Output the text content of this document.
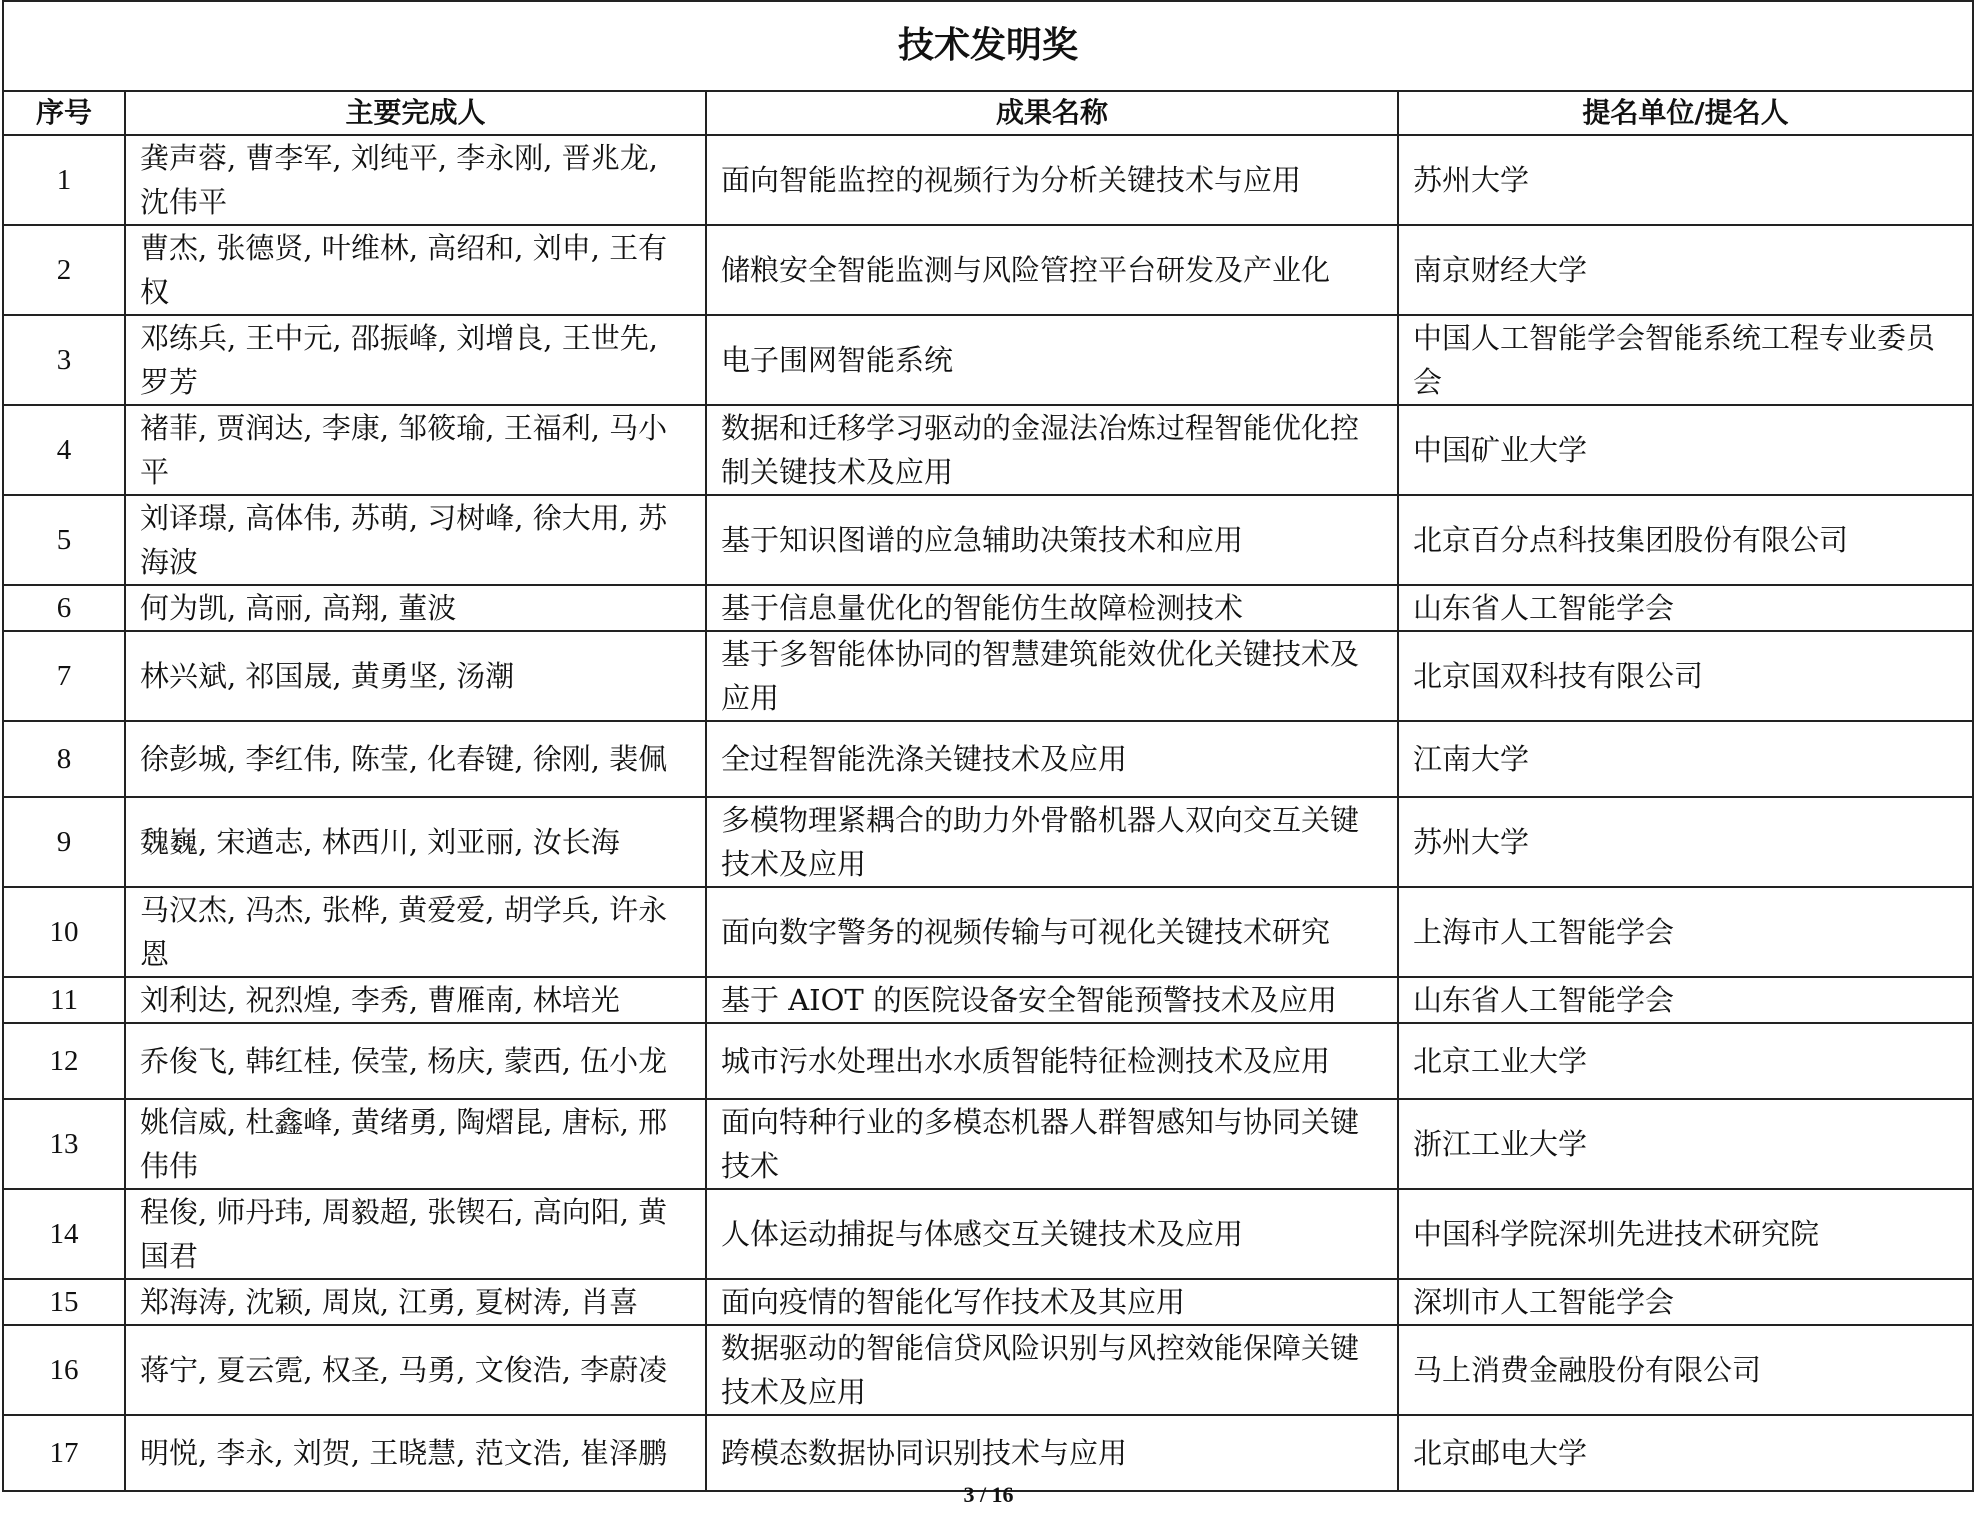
技术发明奖			
序号	主要完成人	成果名称	提名单位/提名人
1	龚声蓉, 曹李军, 刘纯平, 李永刚, 晋兆龙, 沈伟平	面向智能监控的视频行为分析关键技术与应用	苏州大学
2	曹杰, 张德贤, 叶维林, 高绍和, 刘申, 王有权	储粮安全智能监测与风险管控平台研发及产业化	南京财经大学
3	邓练兵, 王中元, 邵振峰, 刘增良, 王世先, 罗芳	电子围网智能系统	中国人工智能学会智能系统工程专业委员会
4	褚菲, 贾润达, 李康, 邹筱瑜, 王福利, 马小平	数据和迁移学习驱动的金湿法冶炼过程智能优化控制关键技术及应用	中国矿业大学
5	刘译璟, 高体伟, 苏萌, 习树峰, 徐大用, 苏海波	基于知识图谱的应急辅助决策技术和应用	北京百分点科技集团股份有限公司
6	何为凯, 高丽, 高翔, 董波	基于信息量优化的智能仿生故障检测技术	山东省人工智能学会
7	林兴斌, 祁国晟, 黄勇坚, 汤潮	基于多智能体协同的智慧建筑能效优化关键技术及应用	北京国双科技有限公司
8	徐彭城, 李红伟, 陈莹, 化春键, 徐刚, 裴佩	全过程智能洗涤关键技术及应用	江南大学
9	魏巍, 宋遒志, 林西川, 刘亚丽, 汝长海	多模物理紧耦合的助力外骨骼机器人双向交互关键技术及应用	苏州大学
10	马汉杰, 冯杰, 张桦, 黄爱爱, 胡学兵, 许永恩	面向数字警务的视频传输与可视化关键技术研究	上海市人工智能学会
11	刘利达, 祝烈煌, 李秀, 曹雁南, 林培光	基于 AIOT 的医院设备安全智能预警技术及应用	山东省人工智能学会
12	乔俊飞, 韩红桂, 侯莹, 杨庆, 蒙西, 伍小龙	城市污水处理出水水质智能特征检测技术及应用	北京工业大学
13	姚信威, 杜鑫峰, 黄绪勇, 陶熠昆, 唐标, 邢伟伟	面向特种行业的多模态机器人群智感知与协同关键技术	浙江工业大学
14	程俊, 师丹玮, 周毅超, 张锲石, 高向阳, 黄国君	人体运动捕捉与体感交互关键技术及应用	中国科学院深圳先进技术研究院
15	郑海涛, 沈颖, 周岚, 江勇, 夏树涛, 肖喜	面向疫情的智能化写作技术及其应用	深圳市人工智能学会
16	蒋宁, 夏云霓, 权圣, 马勇, 文俊浩, 李蔚凌	数据驱动的智能信贷风险识别与风控效能保障关键技术及应用	马上消费金融股份有限公司
17	明悦, 李永, 刘贺, 王晓慧, 范文浩, 崔泽鹏	跨模态数据协同识别技术与应用	北京邮电大学
3 / 16
